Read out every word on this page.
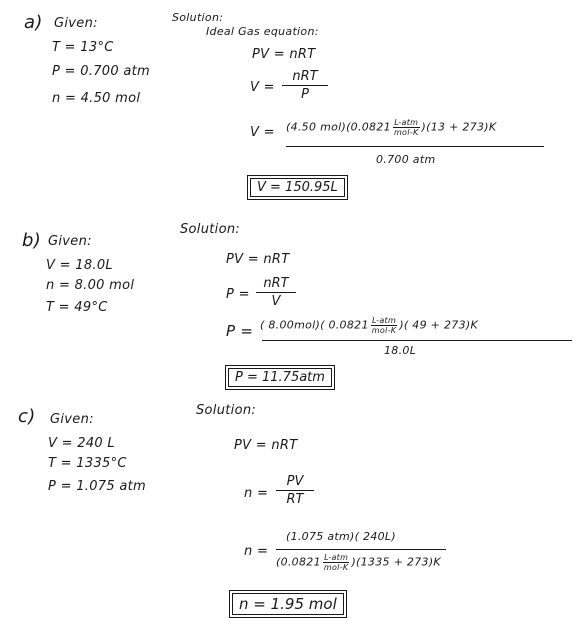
a) Given:
T = 13°C
P = 0.700 atm
n = 4.50 mol
Solution:
Ideal Gas equation:
PV = nRT
V =
nRT
P
V = (4.50 $mol)(0.0821 \frac{\text{L-atm}}{\text{mol-K}} )(13 + 273)K$
0.700 atm
V = 150.95L
b) Given:
V = 18.0L
n = 8.00 mol
T = 49°C
Solution:
PV = nRT
P =
nRT
V
P = ( 8.00mol)( $0.0821 \frac{\text{L-atm}}{\text{mol-K}}$ )( 49 + 273)K
18.0L
P = 11.75atm
c) Given:
V = 240 L
T = 1335°C
P = 1.075 atm
Solution:
PV = nRT
n =
PV
RT
n =
(1.075 atm)( 240L)
$(0.0821 \frac{\text{L-atm}}{\text{mol-K}} )(1335 + 273)K$
n = 1.95 mol
